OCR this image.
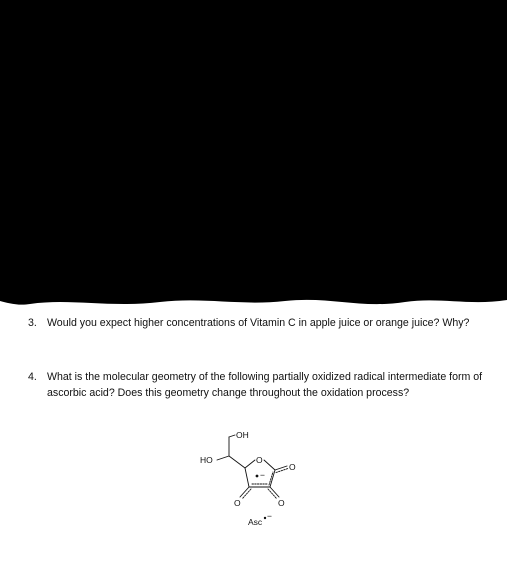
3. Would you expect higher concentrations of Vitamin C in apple juice or orange juice? Why?
4. What is the molecular geometry of the following partially oxidized radical intermediate form of ascorbic acid? Does this geometry change throughout the oxidation process?
−
OH
HO	O
O
O	O
Asc
−
